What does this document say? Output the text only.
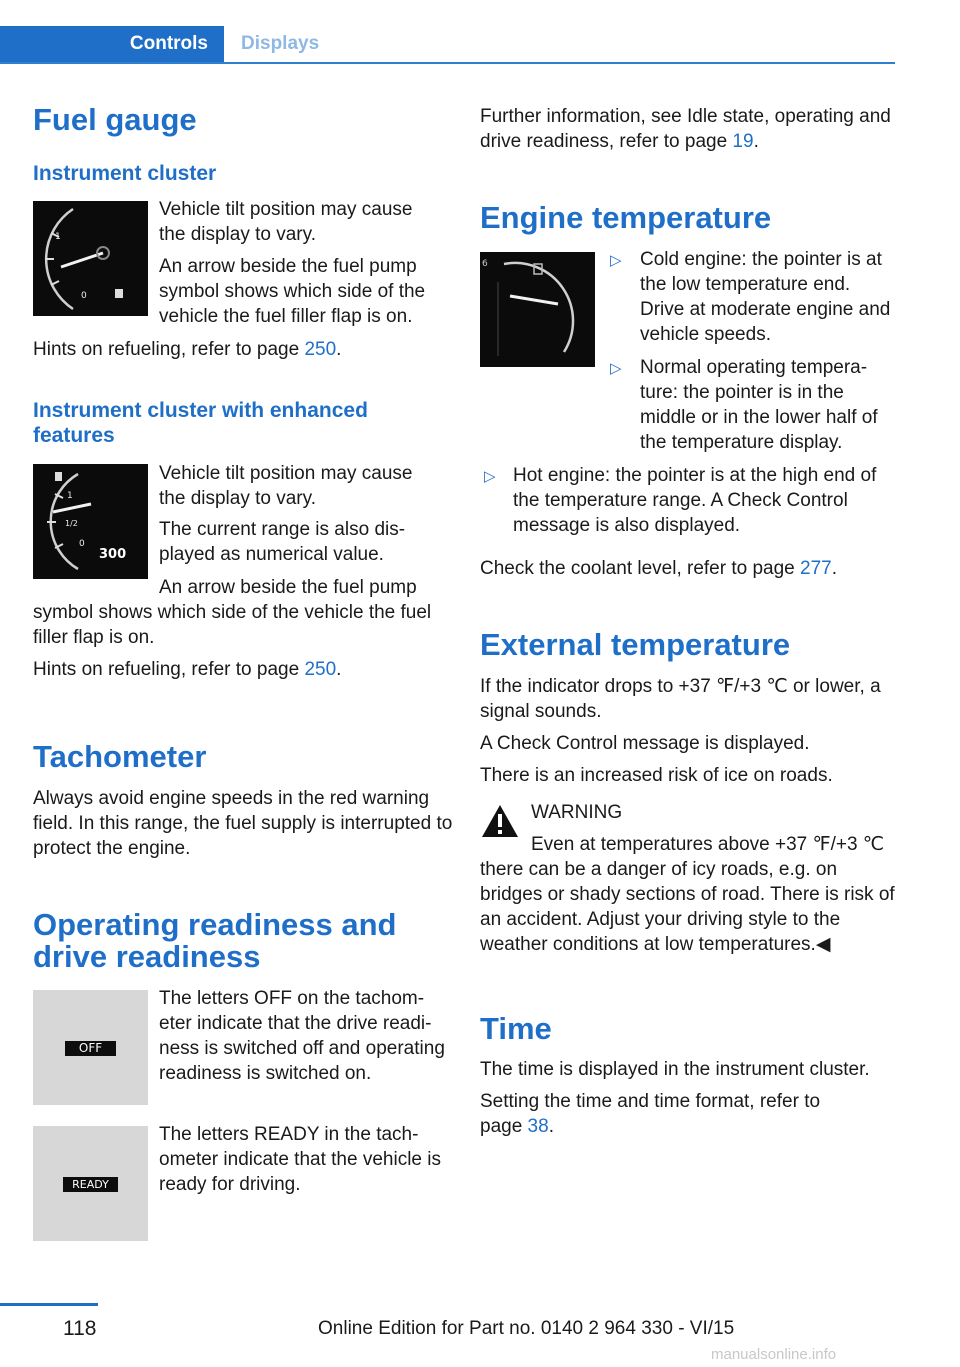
Controls	Displays
Fuel gauge
Instrument cluster
1
0
Vehicle tilt position may cause the display to vary.
An arrow beside the fuel pump symbol shows which side of the vehicle the fuel filler flap is on.
Hints on refueling, refer to page 250.
Instrument cluster with enhanced features
1
1/2
0
300
Vehicle tilt position may cause the display to vary.
The current range is also displayed as numerical value.
An arrow beside the fuel pump symbol shows which side of the vehicle the fuel filler flap is on.
Hints on refueling, refer to page 250.
Tachometer
Always avoid engine speeds in the red warning field. In this range, the fuel supply is interrupted to protect the engine.
Operating readiness and drive readiness
OFF
The letters OFF on the tachometer indicate that the drive readiness is switched off and operating readiness is switched on.
READY
The letters READY in the tachometer indicate that the vehicle is ready for driving.
Further information, see Idle state, operating and drive readiness, refer to page 19.
Engine temperature
6	▷ Cold engine: the pointer is at the low temperature end. Drive at moderate engine and vehicle speeds.
▷ Normal operating temperature: the pointer is in the middle or in the lower half of the temperature display.
▷ Hot engine: the pointer is at the high end of the temperature range. A Check Control message is also displayed.
Check the coolant level, refer to page 277.
External temperature
If the indicator drops to +37 ℉/+3 ℃ or lower, a signal sounds.
A Check Control message is displayed.
There is an increased risk of ice on roads.
WARNING
Even at temperatures above +37 ℉/+3 ℃
there can be a danger of icy roads, e.g. on bridges or shady sections of road. There is risk of an accident. Adjust your driving style to the weather conditions at low temperatures.◀
Time
The time is displayed in the instrument cluster.
Setting the time and time format, refer to page 38.
118	Online Edition for Part no. 0140 2 964 330 - VI/15
manualsonline.info
